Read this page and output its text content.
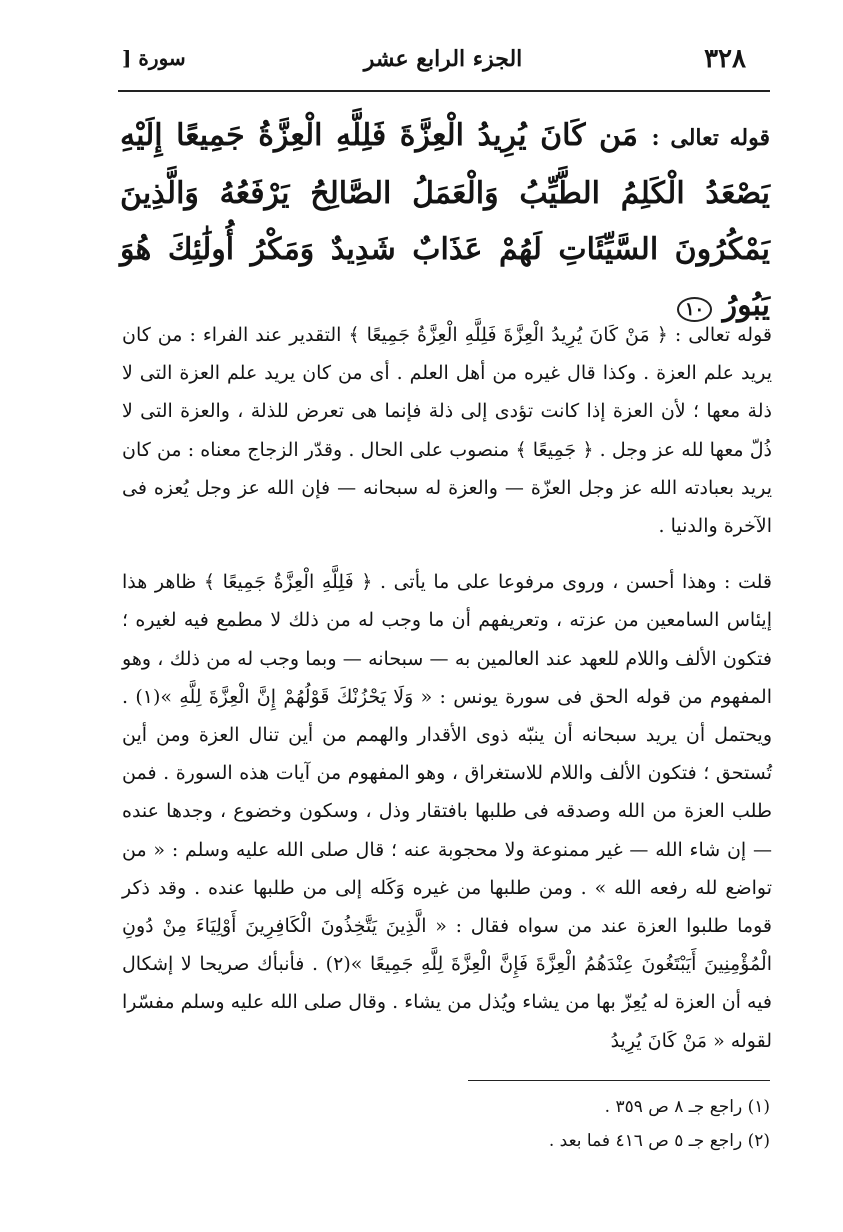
٣٢٨
الجزء الرابع عشر
سورة [
قوله تعالى : مَن كَانَ يُرِيدُ الْعِزَّةَ فَلِلَّهِ الْعِزَّةُ جَمِيعًا إِلَيْهِ يَصْعَدُ الْكَلِمُ الطَّيِّبُ وَالْعَمَلُ الصَّالِحُ يَرْفَعُهُ وَالَّذِينَ يَمْكُرُونَ السَّيِّئَاتِ لَهُمْ عَذَابٌ شَدِيدٌ وَمَكْرُ أُولَٰئِكَ هُوَ يَبُورُ ١٠

قوله تعالى : ﴿ مَنْ كَانَ يُرِيدُ الْعِزَّةَ فَلِلَّهِ الْعِزَّةُ جَمِيعًا ﴾ التقدير عند الفراء : من كان يريد علم العزة . وكذا قال غيره من أهل العلم . أى من كان يريد علم العزة التى لا ذلة معها ؛ لأن العزة إذا كانت تؤدى إلى ذلة فإنما هى تعرض للذلة ، والعزة التى لا ذُلّ معها لله عز وجل . ﴿ جَمِيعًا ﴾ منصوب على الحال . وقدّر الزجاج معناه : من كان يريد بعبادته الله عز وجل العزّة — والعزة له سبحانه — فإن الله عز وجل يُعزه فى الآخرة والدنيا .

قلت : وهذا أحسن ، وروى مرفوعا على ما يأتى . ﴿ فَلِلَّهِ الْعِزَّةُ جَمِيعًا ﴾ ظاهر هذا إيئاس السامعين من عزته ، وتعريفهم أن ما وجب له من ذلك لا مطمع فيه لغيره ؛ فتكون الألف واللام للعهد عند العالمين به — سبحانه — وبما وجب له من ذلك ، وهو المفهوم من قوله الحق فى سورة يونس : « وَلَا يَحْزُنْكَ قَوْلُهُمْ إِنَّ الْعِزَّةَ لِلَّهِ »(١) . ويحتمل أن يريد سبحانه أن ينبّه ذوى الأقدار والهمم من أين تنال العزة ومن أين تُستحق ؛ فتكون الألف واللام للاستغراق ، وهو المفهوم من آيات هذه السورة . فمن طلب العزة من الله وصدقه فى طلبها بافتقار وذل ، وسكون وخضوع ، وجدها عنده — إن شاء الله — غير ممنوعة ولا محجوبة عنه ؛ قال صلى الله عليه وسلم : « من تواضع لله رفعه الله » . ومن طلبها من غيره وَكَله إلى من طلبها عنده . وقد ذكر قوما طلبوا العزة عند من سواه فقال : « الَّذِينَ يَتَّخِذُونَ الْكَافِرِينَ أَوْلِيَاءَ مِنْ دُونِ الْمُؤْمِنِينَ أَيَبْتَغُونَ عِنْدَهُمُ الْعِزَّةَ فَإِنَّ الْعِزَّةَ لِلَّهِ جَمِيعًا »(٢) . فأنبأك صريحا لا إشكال فيه أن العزة له يُعِزّ بها من يشاء ويُذل من يشاء . وقال صلى الله عليه وسلم مفسّرا لقوله « مَنْ كَانَ يُرِيدُ

(١) راجع جـ ٨ ص ٣٥٩ .
(٢) راجع جـ ٥ ص ٤١٦ فما بعد .
